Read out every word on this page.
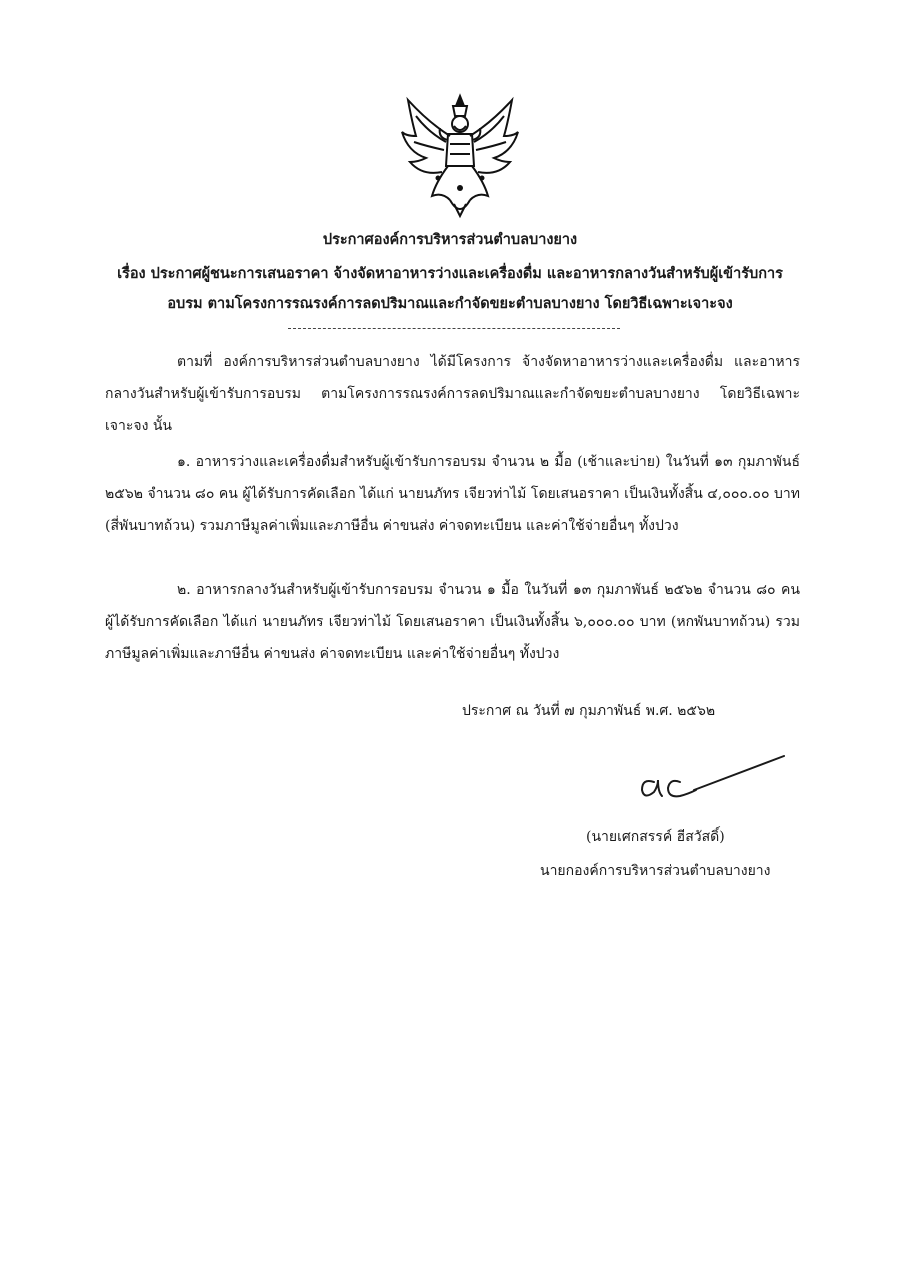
ประกาศองค์การบริหารส่วนตำบลบางยาง
เรื่อง ประกาศผู้ชนะการเสนอราคา จ้างจัดหาอาหารว่างและเครื่องดื่ม และอาหารกลางวันสำหรับผู้เข้ารับการ
อบรม ตามโครงการรณรงค์การลดปริมาณและกำจัดขยะตำบลบางยาง โดยวิธีเฉพาะเจาะจง

ตามที่ องค์การบริหารส่วนตำบลบางยาง ได้มีโครงการ จ้างจัดหาอาหารว่างและเครื่องดื่ม และอาหารกลางวันสำหรับผู้เข้ารับการอบรม ตามโครงการรณรงค์การลดปริมาณและกำจัดขยะตำบลบางยาง โดยวิธีเฉพาะเจาะจง นั้น

๑. อาหารว่างและเครื่องดื่มสำหรับผู้เข้ารับการอบรม จำนวน ๒ มื้อ (เช้าและบ่าย) ในวันที่ ๑๓ กุมภาพันธ์ ๒๕๖๒ จำนวน ๘๐ คน ผู้ได้รับการคัดเลือก ได้แก่ นายนภัทร เจียวท่าไม้ โดยเสนอราคา เป็นเงินทั้งสิ้น ๔,๐๐๐.๐๐ บาท (สี่พันบาทถ้วน) รวมภาษีมูลค่าเพิ่มและภาษีอื่น ค่าขนส่ง ค่าจดทะเบียน และค่าใช้จ่ายอื่นๆ ทั้งปวง

๒. อาหารกลางวันสำหรับผู้เข้ารับการอบรม จำนวน ๑ มื้อ ในวันที่ ๑๓ กุมภาพันธ์ ๒๕๖๒ จำนวน ๘๐ คน ผู้ได้รับการคัดเลือก ได้แก่ นายนภัทร เจียวท่าไม้ โดยเสนอราคา เป็นเงินทั้งสิ้น ๖,๐๐๐.๐๐ บาท (หกพันบาทถ้วน) รวมภาษีมูลค่าเพิ่มและภาษีอื่น ค่าขนส่ง ค่าจดทะเบียน และค่าใช้จ่ายอื่นๆ ทั้งปวง

ประกาศ ณ วันที่ ๗ กุมภาพันธ์ พ.ศ. ๒๕๖๒
(นายเศกสรรค์ ฮีสวัสดิ์)
นายกองค์การบริหารส่วนตำบลบางยาง
